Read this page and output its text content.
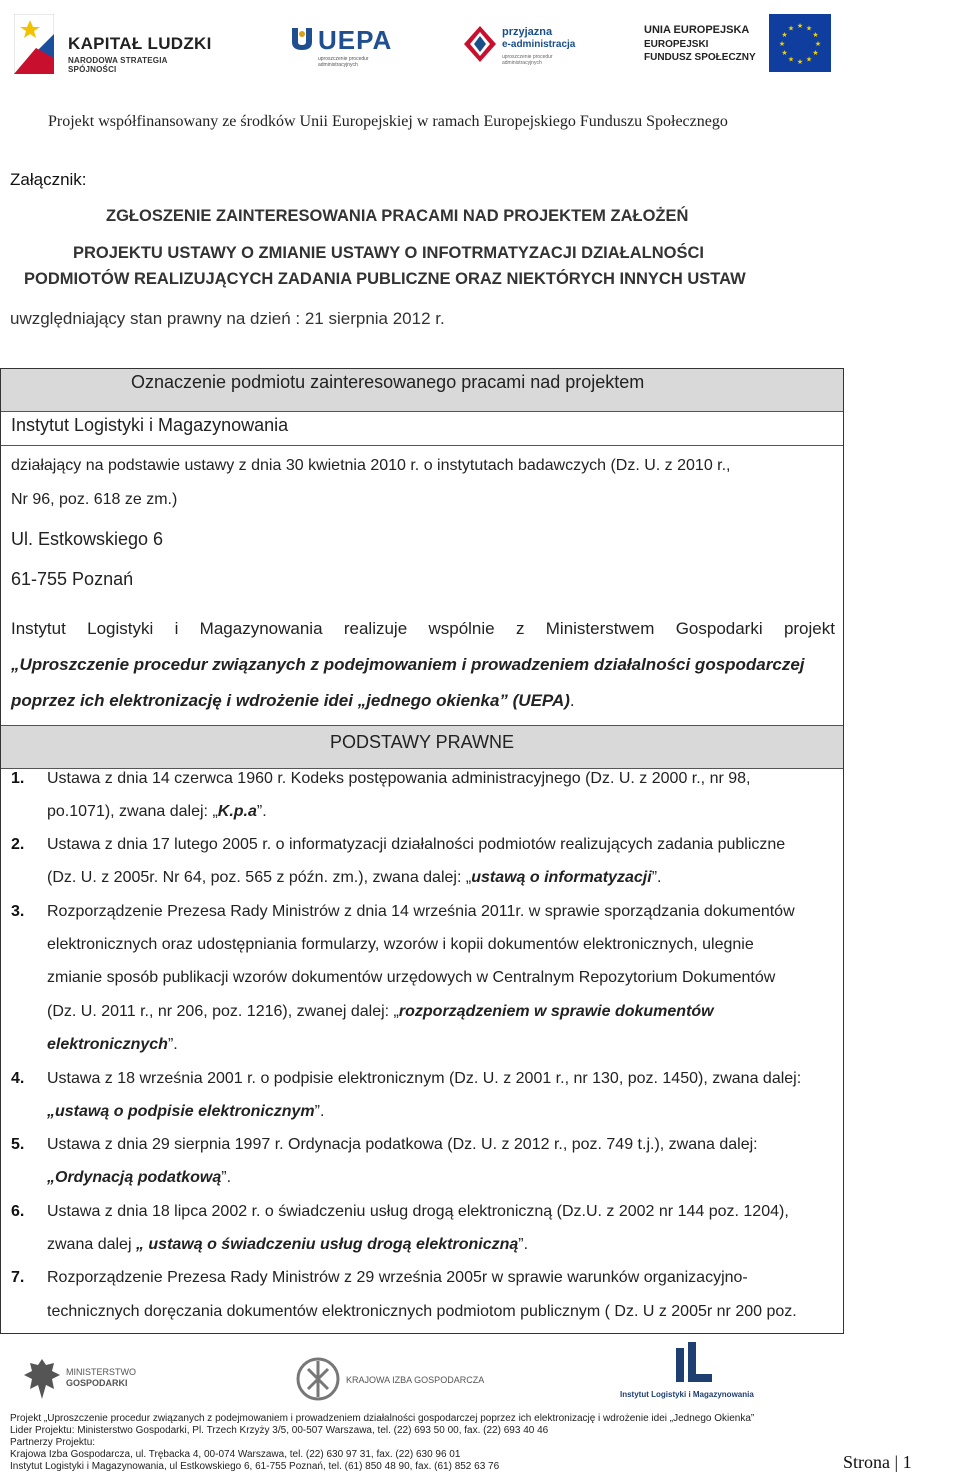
KAPITAŁ LUDZKI
NARODOWA STRATEGIA SPÓJNOŚCI
UEPA
uproszczenie procedur administracyjnych
przyjazna
e-administracja
uproszczenie procedur administracyjnych
UNIA EUROPEJSKA
EUROPEJSKI
FUNDUSZ SPOŁECZNY
★ ★
★
★
★
★
★
★
★
★
★
★
Projekt współfinansowany ze środków Unii Europejskiej w ramach Europejskiego Funduszu Społecznego
Załącznik:
ZGŁOSZENIE ZAINTERESOWANIA PRACAMI NAD PROJEKTEM ZAŁOŻEŃ
PROJEKTU USTAWY O ZMIANIE USTAWY O INFOTRMATYZACJI DZIAŁALNOŚCI
PODMIOTÓW REALIZUJĄCYCH ZADANIA PUBLICZNE ORAZ NIEKTÓRYCH INNYCH USTAW
uwzględniający stan prawny na dzień : 21 sierpnia 2012 r.
Oznaczenie podmiotu zainteresowanego pracami nad projektem
Instytut Logistyki i Magazynowania
działający na podstawie ustawy z dnia 30 kwietnia 2010 r. o instytutach badawczych (Dz. U. z 2010 r.,
Nr 96, poz. 618 ze zm.)
Ul. Estkowskiego 6
61-755 Poznań
Instytut Logistyki i Magazynowania realizuje wspólnie z Ministerstwem Gospodarki projekt
„Uproszczenie procedur związanych z podejmowaniem i prowadzeniem działalności gospodarczej
poprzez ich elektronizację i wdrożenie idei „jednego okienka” (UEPA).
PODSTAWY PRAWNE
1. Ustawa z dnia 14 czerwca 1960 r. Kodeks postępowania administracyjnego (Dz. U. z 2000 r., nr 98,
po.1071), zwana dalej: „K.p.a”.
2. Ustawa z dnia 17 lutego 2005 r. o informatyzacji działalności podmiotów realizujących zadania publiczne
(Dz. U. z 2005r. Nr 64, poz. 565 z późn. zm.), zwana dalej: „ustawą o informatyzacji”.
3. Rozporządzenie Prezesa Rady Ministrów z dnia 14 września 2011r. w sprawie sporządzania dokumentów
elektronicznych oraz udostępniania formularzy, wzorów i kopii dokumentów elektronicznych, ulegnie
zmianie sposób publikacji wzorów dokumentów urzędowych w Centralnym Repozytorium Dokumentów
(Dz. U. 2011 r., nr 206, poz. 1216), zwanej dalej: „rozporządzeniem w sprawie dokumentów
elektronicznych”.
4. Ustawa z 18 września 2001 r. o podpisie elektronicznym (Dz. U. z 2001 r., nr 130, poz. 1450), zwana dalej:
„ustawą o podpisie elektronicznym”.
5. Ustawa z dnia 29 sierpnia 1997 r. Ordynacja podatkowa (Dz. U. z 2012 r., poz. 749 t.j.), zwana dalej:
„Ordynacją podatkową”.
6. Ustawa z dnia 18 lipca 2002 r. o świadczeniu usług drogą elektroniczną (Dz.U. z 2002 nr 144 poz. 1204),
zwana dalej „ ustawą o świadczeniu usług drogą elektroniczną”.
7. Rozporządzenie Prezesa Rady Ministrów z 29 września 2005r w sprawie warunków organizacyjno-
technicznych doręczania dokumentów elektronicznych podmiotom publicznym ( Dz. U z 2005r nr 200 poz.
MINISTERSTWO
GOSPODARKI	KRAJOWA IZBA GOSPODARCZA
Instytut Logistyki i Magazynowania
Projekt „Uproszczenie procedur związanych z podejmowaniem i prowadzeniem działalności gospodarczej poprzez ich elektronizację i wdrożenie idei „Jednego Okienka”
Lider Projektu: Ministerstwo Gospodarki, Pl. Trzech Krzyży 3/5, 00-507 Warszawa, tel. (22) 693 50 00, fax. (22) 693 40 46
Partnerzy Projektu:
Krajowa Izba Gospodarcza, ul. Trębacka 4, 00-074 Warszawa, tel. (22) 630 97 31, fax. (22) 630 96 01
Instytut Logistyki i Magazynowania, ul Estkowskiego 6, 61-755 Poznań, tel. (61) 850 48 90, fax. (61) 852 63 76	Strona | 1
